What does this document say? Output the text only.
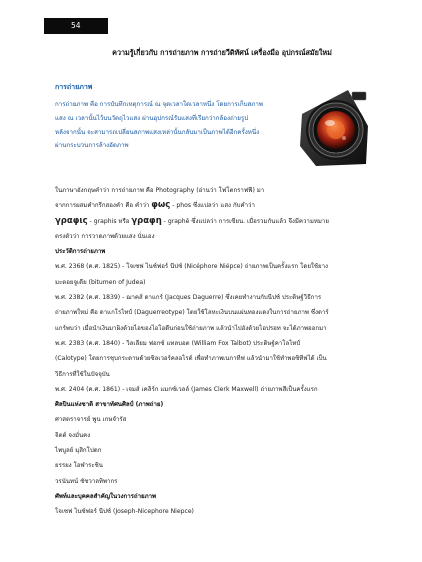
54
ความรู้เกี่ยวกับ การถ่ายภาพ การถ่ายวีดิทัศน์ เครื่องมือ อุปกรณ์สมัยใหม่
การถ่ายภาพ
การถ่ายภาพ คือ การบันทึกเหตุการณ์ ณ จุดเวลาใดเวลาหนึ่ง โดยการเก็บสภาพ
แสง ณ เวลานั้นไว้บนวัตถุไวแสง ผ่านอุปกรณ์รับแสงที่เรียกว่ากล้องถ่ายรูป
หลังจากนั้น จะสามารถเปลี่ยนสภาพแสงเหล่านั้นกลับมาเป็นภาพได้อีกครั้งหนึ่ง
ผ่านกระบวนการล้างอัดภาพ
ในภาษาอังกฤษคำว่า การถ่ายภาพ คือ Photography (อ่านว่า โฟโตกราฟฟี) มา
จากการผสมคำกรีกสองคำ คือ คำว่า φως - phos ซึ่งแปลว่า แสง กับคำว่า
γραφις - graphis หรือ γραφη - graphê ซึ่งแปลว่า การเขียน. เมื่อรวมกันแล้ว จึงมีความหมาย
ตรงตัวว่า การวาดภาพด้วยแสง นั่นเอง
ประวัติการถ่ายภาพ
พ.ศ. 2368 (ค.ศ. 1825) - โจเซฟ ไนซ์ฟอร์ นีปซ์ (Nicéphore Niépce) ถ่ายภาพเป็นครั้งแรก โดยใช้ยาง
มะตอยจูเดีย (bitumen of Judea)
พ.ศ. 2382 (ค.ศ. 1839) - ฌาคส์ ดาแกร์ (Jacques Daguerre) ซึ่งเคยทำงานกับนีปซ์ ประดิษฐ์วิธีการ
ถ่ายภาพใหม่ คือ ดาแกโรไทป์ (Daguerreotype) โดยใช้โลหะเงินบนแผ่นทองแดงในการถ่ายภาพ ซึ่งดาร์
แกร์พบว่า เมื่อนำเงินมาผิงด้วยไอของไอโอดีนก่อนใช้ถ่ายภาพ แล้วนำไปอังด้วยไอปรอท จะได้ภาพออกมา
พ.ศ. 2383 (ค.ศ. 1840) - วิลเลียม ฟอกซ์ แทลบอต (William Fox Talbot) ประดิษฐ์คาโลไทป์
(Calotype) โดยการชุบกระดาษด้วยซิลเวอร์คลอไรด์ เพื่อทำภาพเนกาทีฟ แล้วนำมาใช้ทำพอซิทีฟได้ เป็น
วิธีการที่ใช้ในปัจจุบัน
พ.ศ. 2404 (ค.ศ. 1861) - เจมส์ เคลิร์ก แมกซ์เวลล์ (James Clerk Maxwell) ถ่ายภาพสีเป็นครั้งแรก
ศิลปินแห่งชาติ สาขาทัศนศิลป์ (ภาพถ่าย)
ศาสตราจารย์ พูน เกษจำรัส
จิตต์ จงมั่นคง
ไพบูลย์ มุสิกโปดก
ยรรยง โอฬาระชิน
วรนันทน์ ชัชวาลทิพากร
ศัพท์และบุคคลสำคัญในวงการถ่ายภาพ
โจเซฟ ไนซ์ฟอร์ นีปซ์ (Joseph-Nicephore Niepce)
